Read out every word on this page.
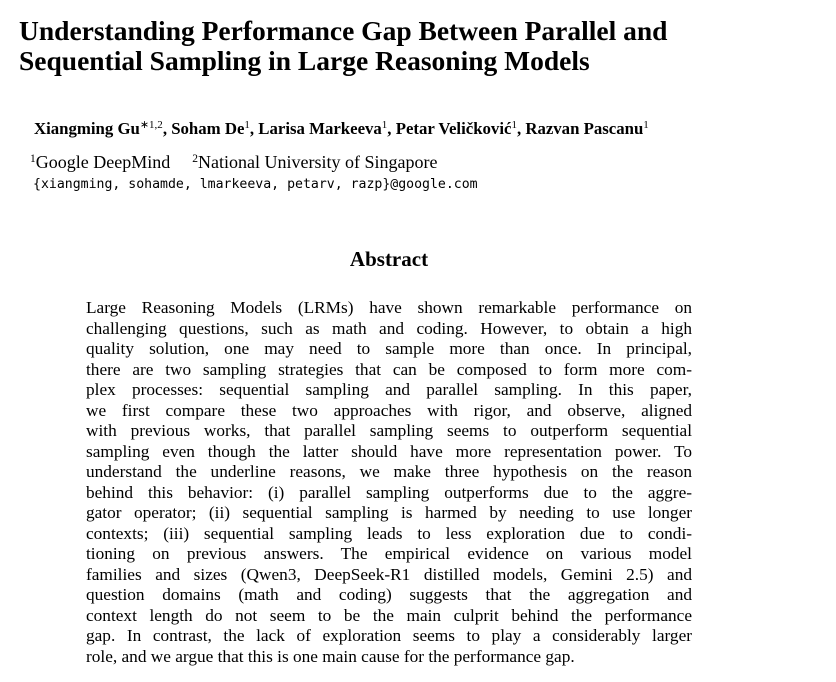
Understanding Performance Gap Between Parallel and
Sequential Sampling in Large Reasoning Models
Xiangming $Gu^{∗1,2}$, Soham De$^1$, Larisa Markeeva$^1$, Petar Veličković$^1$, Razvan Pascanu$^1$
$^1$Google DeepMind $^2$National University of Singapore
{xiangming, sohamde, lmarkeeva, petarv, razp}@google.com
Abstract
Large Reasoning Models (LRMs) have shown remarkable performance on
challenging questions, such as math and coding. However, to obtain a high
quality solution, one may need to sample more than once. In principal,
there are two sampling strategies that can be composed to form more com-
plex processes: sequential sampling and parallel sampling. In this paper,
we first compare these two approaches with rigor, and observe, aligned
with previous works, that parallel sampling seems to outperform sequential
sampling even though the latter should have more representation power. To
understand the underline reasons, we make three hypothesis on the reason
behind this behavior: (i) parallel sampling outperforms due to the aggre-
gator operator; (ii) sequential sampling is harmed by needing to use longer
contexts; (iii) sequential sampling leads to less exploration due to condi-
tioning on previous answers. The empirical evidence on various model
families and sizes (Qwen3, DeepSeek-R1 distilled models, Gemini 2.5) and
question domains (math and coding) suggests that the aggregation and
context length do not seem to be the main culprit behind the performance
gap. In contrast, the lack of exploration seems to play a considerably larger
role, and we argue that this is one main cause for the performance gap.
